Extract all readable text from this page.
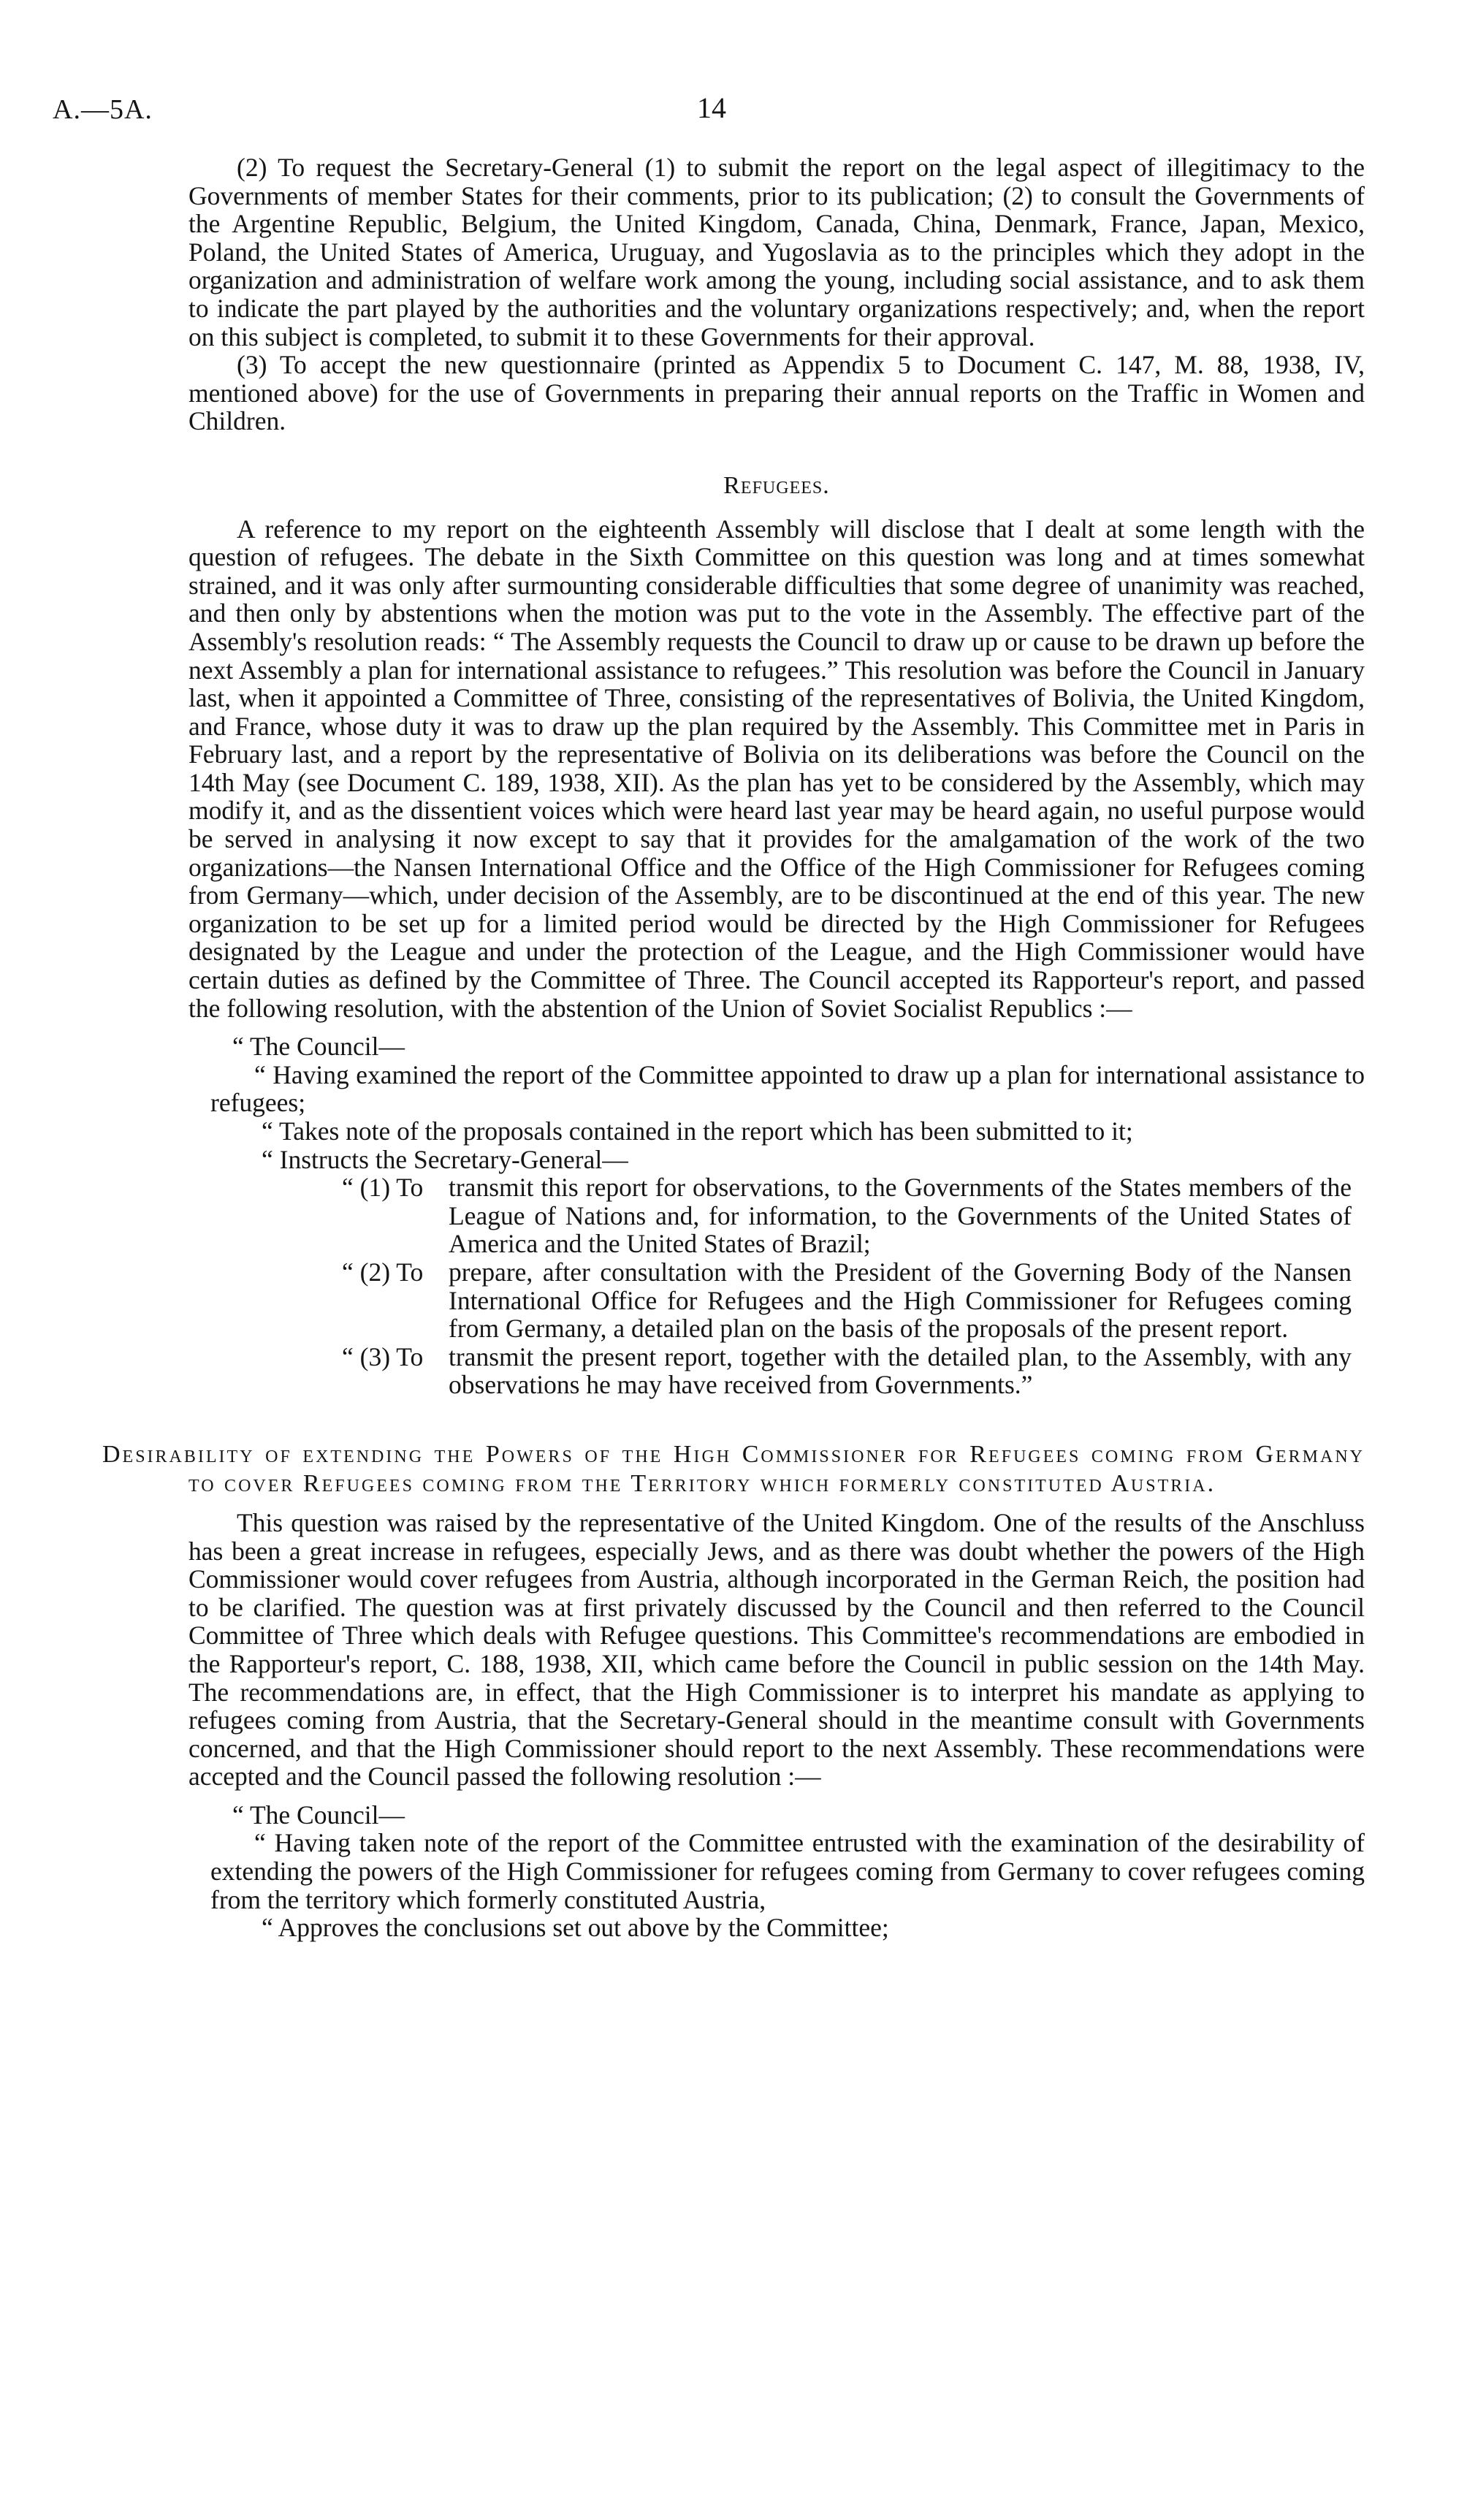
A.—5A.	14

(2) To request the Secretary-General (1) to submit the report on the legal aspect of illegitimacy to the Governments of member States for their comments, prior to its publication; (2) to consult the Governments of the Argentine Republic, Belgium, the United Kingdom, Canada, China, Denmark, France, Japan, Mexico, Poland, the United States of America, Uruguay, and Yugoslavia as to the principles which they adopt in the organization and administration of welfare work among the young, including social assistance, and to ask them to indicate the part played by the authorities and the voluntary organizations respectively; and, when the report on this subject is completed, to submit it to these Governments for their approval.

(3) To accept the new questionnaire (printed as Appendix 5 to Document C. 147, M. 88, 1938, IV, mentioned above) for the use of Governments in preparing their annual reports on the Traffic in Women and Children.

Refugees.

A reference to my report on the eighteenth Assembly will disclose that I dealt at some length with the question of refugees. The debate in the Sixth Committee on this question was long and at times somewhat strained, and it was only after surmounting considerable difficulties that some degree of unanimity was reached, and then only by abstentions when the motion was put to the vote in the Assembly. The effective part of the Assembly's resolution reads: “ The Assembly requests the Council to draw up or cause to be drawn up before the next Assembly a plan for international assistance to refugees.” This resolution was before the Council in January last, when it appointed a Committee of Three, consisting of the representatives of Bolivia, the United Kingdom, and France, whose duty it was to draw up the plan required by the Assembly. This Committee met in Paris in February last, and a report by the representative of Bolivia on its deliberations was before the Council on the 14th May (see Document C. 189, 1938, XII). As the plan has yet to be considered by the Assembly, which may modify it, and as the dissentient voices which were heard last year may be heard again, no useful purpose would be served in analysing it now except to say that it provides for the amalgamation of the work of the two organizations—the Nansen International Office and the Office of the High Commissioner for Refugees coming from Germany—which, under decision of the Assembly, are to be discontinued at the end of this year. The new organization to be set up for a limited period would be directed by the High Commissioner for Refugees designated by the League and under the protection of the League, and the High Commissioner would have certain duties as defined by the Committee of Three. The Council accepted its Rapporteur's report, and passed the following resolution, with the abstention of the Union of Soviet Socialist Republics :—

“ The Council—

“ Having examined the report of the Committee appointed to draw up a plan for international assistance to refugees;

“ Takes note of the proposals contained in the report which has been submitted to it;

“ Instructs the Secretary-General—

“ (1) To transmit this report for observations, to the Governments of the States members of the League of Nations and, for information, to the Governments of the United States of America and the United States of Brazil;
“ (2) To prepare, after consultation with the President of the Governing Body of the Nansen International Office for Refugees and the High Commissioner for Refugees coming from Germany, a detailed plan on the basis of the proposals of the present report.
“ (3) To transmit the present report, together with the detailed plan, to the Assembly, with any observations he may have received from Governments.”

Desirability of extending the Powers of the High Commissioner for Refugees coming from Germany to cover Refugees coming from the Territory which formerly constituted Austria.

This question was raised by the representative of the United Kingdom. One of the results of the Anschluss has been a great increase in refugees, especially Jews, and as there was doubt whether the powers of the High Commissioner would cover refugees from Austria, although incorporated in the German Reich, the position had to be clarified. The question was at first privately discussed by the Council and then referred to the Council Committee of Three which deals with Refugee questions. This Committee's recommendations are embodied in the Rapporteur's report, C. 188, 1938, XII, which came before the Council in public session on the 14th May. The recommendations are, in effect, that the High Commissioner is to interpret his mandate as applying to refugees coming from Austria, that the Secretary-General should in the meantime consult with Governments concerned, and that the High Commissioner should report to the next Assembly. These recommendations were accepted and the Council passed the following resolution :—

“ The Council—

“ Having taken note of the report of the Committee entrusted with the examination of the desirability of extending the powers of the High Commissioner for refugees coming from Germany to cover refugees coming from the territory which formerly constituted Austria,

“ Approves the conclusions set out above by the Committee;
